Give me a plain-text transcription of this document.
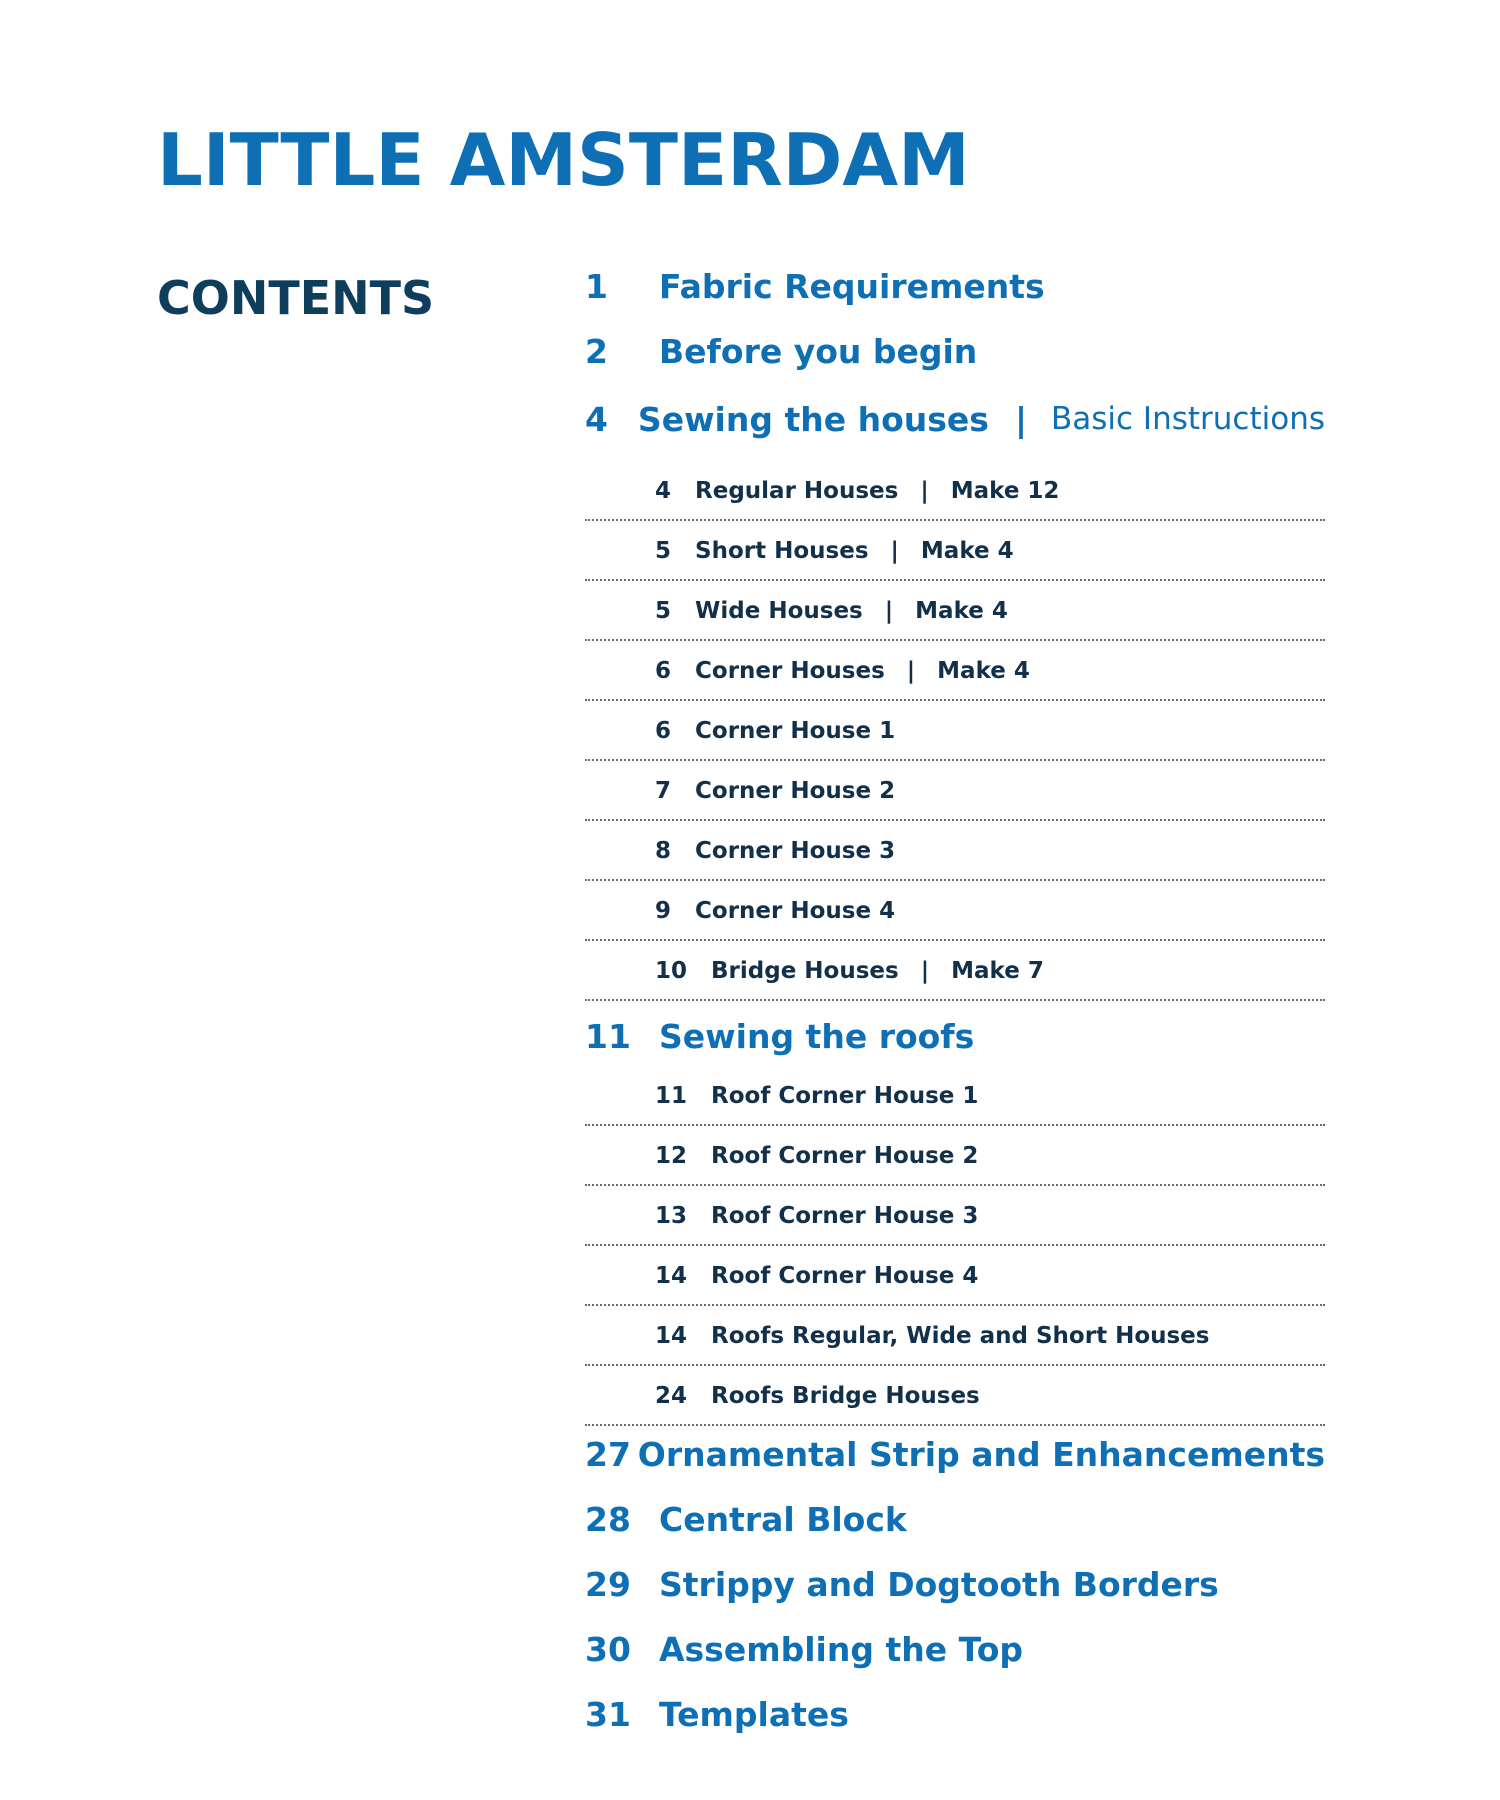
LITTLE AMSTERDAM
CONTENTS	1	Fabric Requirements
2	Before you begin
4 Sewing the houses | Basic Instructions
4 Regular Houses | Make 12
5 Short Houses | Make 4
5 Wide Houses | Make 4
6 Corner Houses | Make 4
6 Corner House 1
7 Corner House 2
8 Corner House 3
9 Corner House 4
10 Bridge Houses | Make 7
11 Sewing the roofs
11 Roof Corner House 1
12 Roof Corner House 2
13 Roof Corner House 3
14 Roof Corner House 4
14 Roofs Regular, Wide and Short Houses
24 Roofs Bridge Houses
27 Ornamental Strip and Enhancements
28 Central Block
29 Strippy and Dogtooth Borders
30 Assembling the Top
31 Templates
